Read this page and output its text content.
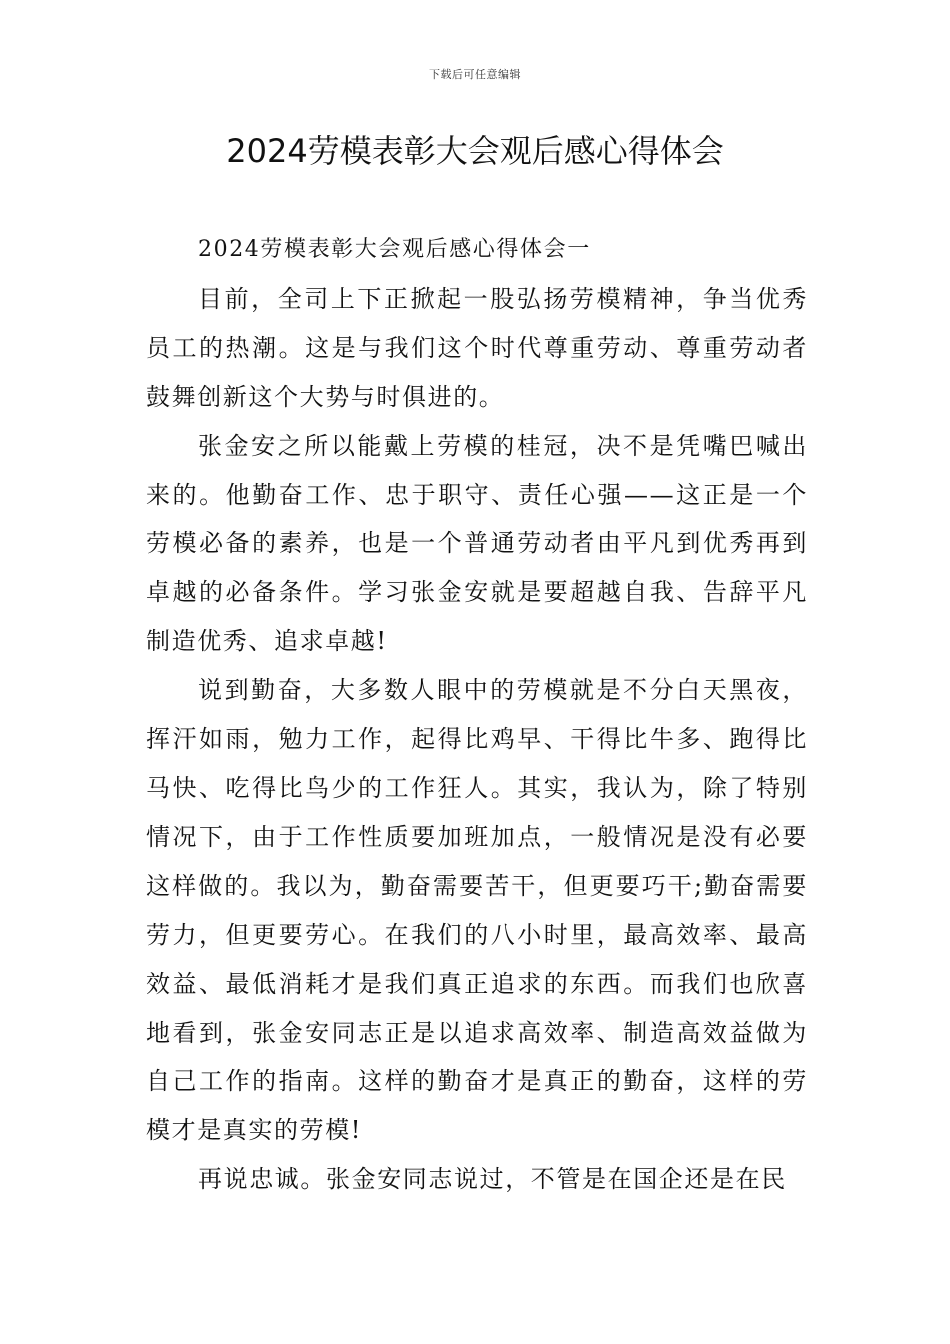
下载后可任意编辑
2024劳模表彰大会观后感心得体会

2024劳模表彰大会观后感心得体会一

目前，全司上下正掀起一股弘扬劳模精神，争当优秀员工的热潮。这是与我们这个时代尊重劳动、尊重劳动者鼓舞创新这个大势与时俱进的。

张金安之所以能戴上劳模的桂冠，决不是凭嘴巴喊出来的。他勤奋工作、忠于职守、责任心强——这正是一个劳模必备的素养，也是一个普通劳动者由平凡到优秀再到卓越的必备条件。学习张金安就是要超越自我、告辞平凡制造优秀、追求卓越!

说到勤奋，大多数人眼中的劳模就是不分白天黑夜，挥汗如雨，勉力工作，起得比鸡早、干得比牛多、跑得比马快、吃得比鸟少的工作狂人。其实，我认为，除了特别情况下，由于工作性质要加班加点，一般情况是没有必要这样做的。我以为，勤奋需要苦干，但更要巧干;勤奋需要劳力，但更要劳心。在我们的八小时里，最高效率、最高效益、最低消耗才是我们真正追求的东西。而我们也欣喜地看到，张金安同志正是以追求高效率、制造高效益做为自己工作的指南。这样的勤奋才是真正的勤奋，这样的劳模才是真实的劳模!

再说忠诚。张金安同志说过，不管是在国企还是在民
